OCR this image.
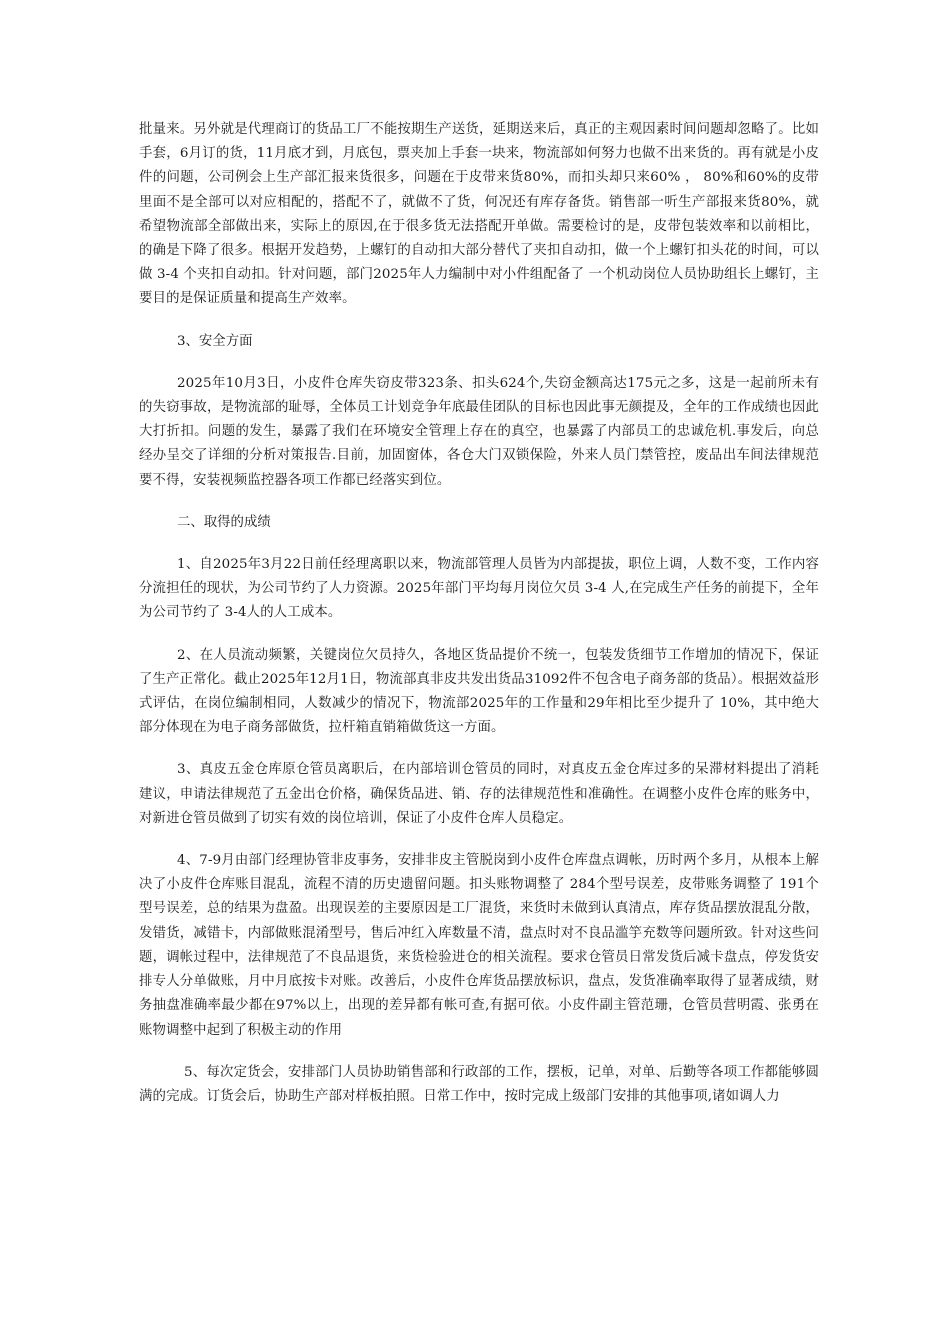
批量来。另外就是代理商订的货品工厂不能按期生产送货，延期送来后，真正的主观因素时间问题却忽略了。比如手套，6月订的货，11月底才到，月底包，票夹加上手套一块来，物流部如何努力也做不出来货的。再有就是小皮件的问题，公司例会上生产部汇报来货很多，问题在于皮带来货80%，而扣头却只来60% ， 80%和60%的皮带里面不是全部可以对应相配的，搭配不了，就做不了货，何况还有库存备货。销售部一听生产部报来货80%，就希望物流部全部做出来，实际上的原因,在于很多货无法搭配开单做。需要检讨的是，皮带包装效率和以前相比，的确是下降了很多。根据开发趋势，上螺钉的自动扣大部分替代了夹扣自动扣，做一个上螺钉扣头花的时间，可以做 3-4 个夹扣自动扣。针对问题，部门2025年人力编制中对小件组配备了 一个机动岗位人员协助组长上螺钉，主要目的是保证质量和提高生产效率。

3、安全方面

2025年10月3日，小皮件仓库失窃皮带323条、扣头624个,失窃金额高达175元之多，这是一起前所未有的失窃事故，是物流部的耻辱，全体员工计划竞争年底最佳团队的目标也因此事无颜提及，全年的工作成绩也因此大打折扣。问题的发生，暴露了我们在环境安全管理上存在的真空，也暴露了内部员工的忠诚危机.事发后，向总经办呈交了详细的分析对策报告.目前，加固窗体，各仓大门双锁保险，外来人员门禁管控，废品出车间法律规范要不得，安装视频监控器各项工作都已经落实到位。

二、取得的成绩

1、自2025年3月22日前任经理离职以来，物流部管理人员皆为内部提拔，职位上调，人数不变，工作内容分流担任的现状，为公司节约了人力资源。2025年部门平均每月岗位欠员 3-4 人,在完成生产任务的前提下，全年为公司节约了 3-4人的人工成本。

2、在人员流动频繁，关键岗位欠员持久，各地区货品提价不统一，包装发货细节工作增加的情况下，保证了生产正常化。截止2025年12月1日，物流部真非皮共发出货品31092件不包含电子商务部的货品）。根据效益形式评估，在岗位编制相同，人数减少的情况下，物流部2025年的工作量和29年相比至少提升了 10%，其中绝大部分体现在为电子商务部做货，拉杆箱直销箱做货这一方面。

3、真皮五金仓库原仓管员离职后，在内部培训仓管员的同时，对真皮五金仓库过多的呆滞材料提出了消耗建议，申请法律规范了五金出仓价格，确保货品进、销、存的法律规范性和准确性。在调整小皮件仓库的账务中，对新进仓管员做到了切实有效的岗位培训，保证了小皮件仓库人员稳定。

4、7-9月由部门经理协管非皮事务，安排非皮主管脱岗到小皮件仓库盘点调帐，历时两个多月，从根本上解决了小皮件仓库账目混乱，流程不清的历史遗留问题。扣头账物调整了 284个型号误差，皮带账务调整了 191个型号误差，总的结果为盘盈。出现误差的主要原因是工厂混货，来货时未做到认真清点，库存货品摆放混乱分散，发错货，减错卡，内部做账混淆型号，售后冲红入库数量不清，盘点时对不良品滥竽充数等问题所致。针对这些问题，调帐过程中，法律规范了不良品退货，来货检验进仓的相关流程。要求仓管员日常发货后减卡盘点，停发货安排专人分单做账，月中月底按卡对账。改善后，小皮件仓库货品摆放标识，盘点，发货准确率取得了显著成绩，财务抽盘准确率最少都在97%以上，出现的差异都有帐可查,有据可依。小皮件副主管范珊，仓管员营明霞、张勇在账物调整中起到了积极主动的作用

5、每次定货会，安排部门人员协助销售部和行政部的工作，摆板，记单，对单、后勤等各项工作都能够圆满的完成。订货会后，协助生产部对样板拍照。日常工作中，按时完成上级部门安排的其他事项,诸如调人力
